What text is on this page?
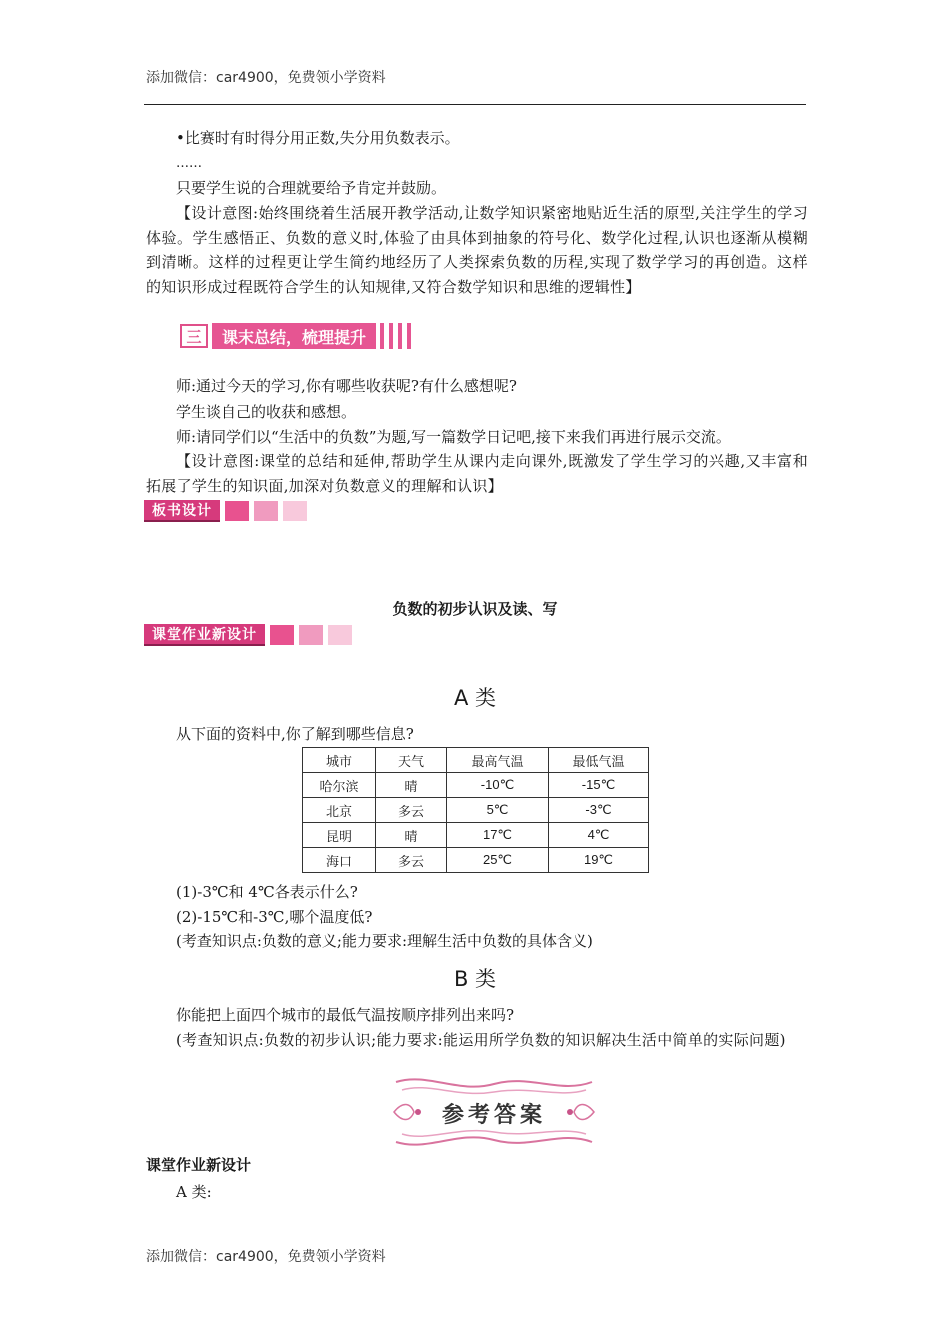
添加微信：car4900，免费领小学资料
•比赛时有时得分用正数,失分用负数表示。
……
只要学生说的合理就要给予肯定并鼓励。
【设计意图:始终围绕着生活展开教学活动,让数学知识紧密地贴近生活的原型,关注学生的学习体验。学生感悟正、负数的意义时,体验了由具体到抽象的符号化、数学化过程,认识也逐渐从模糊到清晰。这样的过程更让学生简约地经历了人类探索负数的历程,实现了数学学习的再创造。这样的知识形成过程既符合学生的认知规律,又符合数学知识和思维的逻辑性】
三	课末总结，梳理提升
师:通过今天的学习,你有哪些收获呢?有什么感想呢?
学生谈自己的收获和感想。
师:请同学们以“生活中的负数”为题,写一篇数学日记吧,接下来我们再进行展示交流。
【设计意图:课堂的总结和延伸,帮助学生从课内走向课外,既激发了学生学习的兴趣,又丰富和拓展了学生的知识面,加深对负数意义的理解和认识】
板书设计
负数的初步认识及读、写
课堂作业新设计
A 类
从下面的资料中,你了解到哪些信息?
城市	天气	最高气温	最低气温
哈尔滨	晴	-10℃	-15℃
北京	多云	5℃	-3℃
昆明	晴	17℃	4℃
海口	多云	25℃	19℃
(1)-3℃和 4℃各表示什么?
(2)-15℃和-3℃,哪个温度低?
(考查知识点:负数的意义;能力要求:理解生活中负数的具体含义)
B 类
你能把上面四个城市的最低气温按顺序排列出来吗?
(考查知识点:负数的初步认识;能力要求:能运用所学负数的知识解决生活中简单的实际问题)
参考答案
课堂作业新设计
A 类:
添加微信：car4900，免费领小学资料
